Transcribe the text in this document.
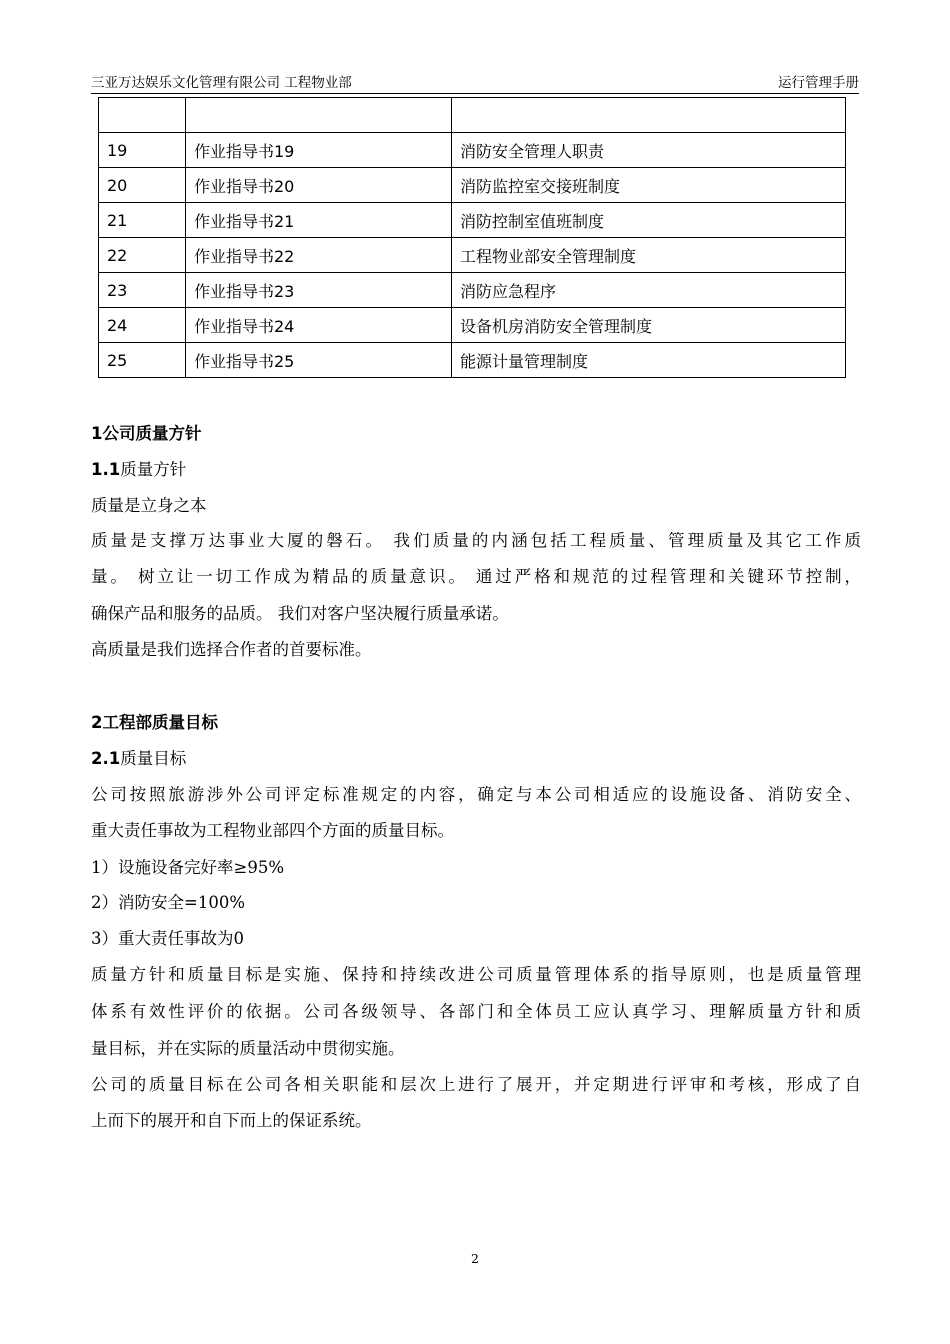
三亚万达娱乐文化管理有限公司 工程物业部	运行管理手册

19	作业指导书19	消防安全管理人职责
20	作业指导书20	消防监控室交接班制度
21	作业指导书21	消防控制室值班制度
22	作业指导书22	工程物业部安全管理制度
23	作业指导书23	消防应急程序
24	作业指导书24	设备机房消防安全管理制度
25	作业指导书25	能源计量管理制度
1公司质量方针
1.1质量方针
质量是立身之本
质量是支撑万达事业大厦的磐石。 我们质量的内涵包括工程质量、管理质量及其它工作质
量。 树立让一切工作成为精品的质量意识。 通过严格和规范的过程管理和关键环节控制，
确保产品和服务的品质。 我们对客户坚决履行质量承诺。
高质量是我们选择合作者的首要标准。
2工程部质量目标
2.1质量目标
公司按照旅游涉外公司评定标准规定的内容，确定与本公司相适应的设施设备、消防安全、
重大责任事故为工程物业部四个方面的质量目标。
1）设施设备完好率≥95%
2）消防安全=100%
3）重大责任事故为0
质量方针和质量目标是实施、保持和持续改进公司质量管理体系的指导原则，也是质量管理
体系有效性评价的依据。公司各级领导、各部门和全体员工应认真学习、理解质量方针和质
量目标，并在实际的质量活动中贯彻实施。
公司的质量目标在公司各相关职能和层次上进行了展开，并定期进行评审和考核，形成了自
上而下的展开和自下而上的保证系统。
2
